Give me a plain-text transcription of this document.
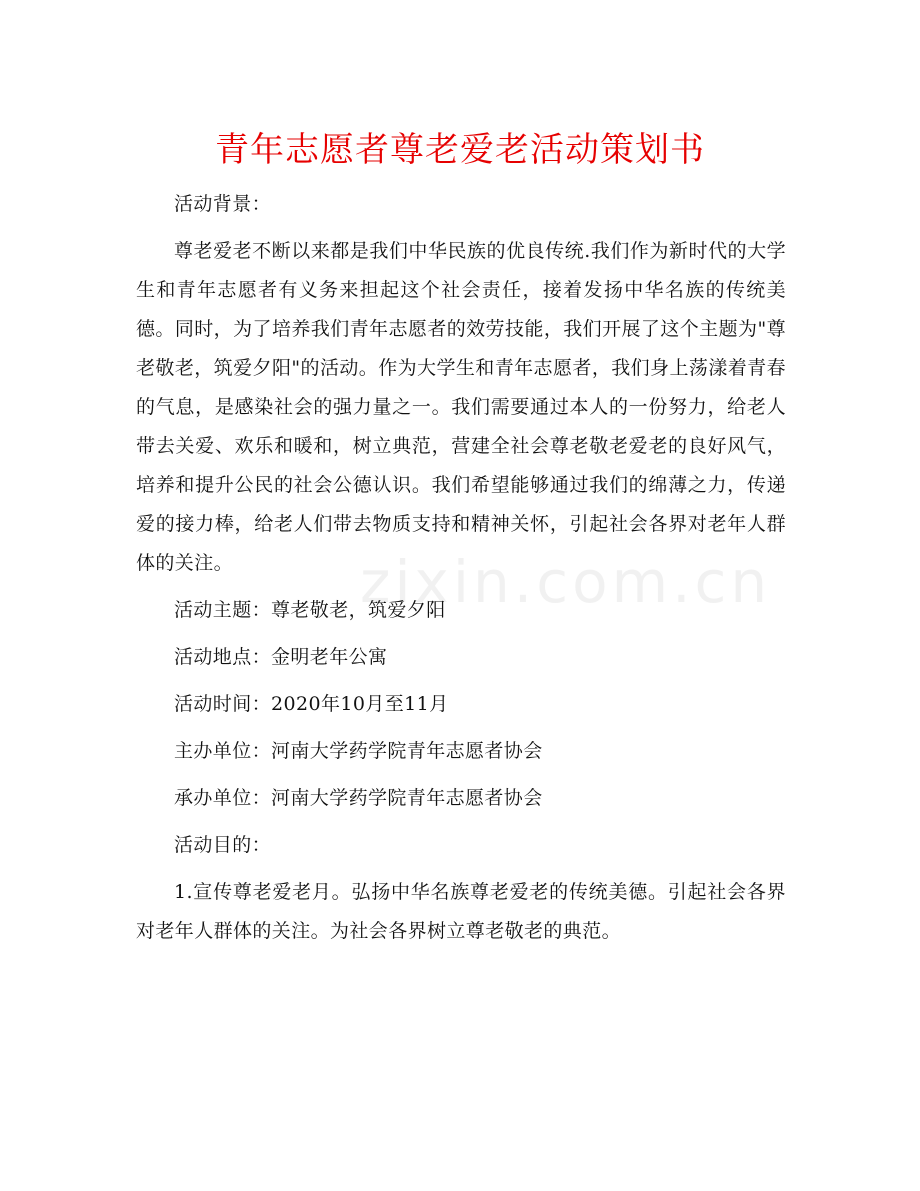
青年志愿者尊老爱老活动策划书
zixin.com.cn

活动背景：

尊老爱老不断以来都是我们中华民族的优良传统.我们作为新时代的大学生和青年志愿者有义务来担起这个社会责任，接着发扬中华名族的传统美德。同时，为了培养我们青年志愿者的效劳技能，我们开展了这个主题为"尊老敬老，筑爱夕阳"的活动。作为大学生和青年志愿者，我们身上荡漾着青春的气息，是感染社会的强力量之一。我们需要通过本人的一份努力，给老人带去关爱、欢乐和暖和，树立典范，营建全社会尊老敬老爱老的良好风气，培养和提升公民的社会公德认识。我们希望能够通过我们的绵薄之力，传递爱的接力棒，给老人们带去物质支持和精神关怀，引起社会各界对老年人群体的关注。

活动主题：尊老敬老，筑爱夕阳

活动地点：金明老年公寓

活动时间：2020年10月至11月

主办单位：河南大学药学院青年志愿者协会

承办单位：河南大学药学院青年志愿者协会

活动目的：

1.宣传尊老爱老月。弘扬中华名族尊老爱老的传统美德。引起社会各界对老年人群体的关注。为社会各界树立尊老敬老的典范。
